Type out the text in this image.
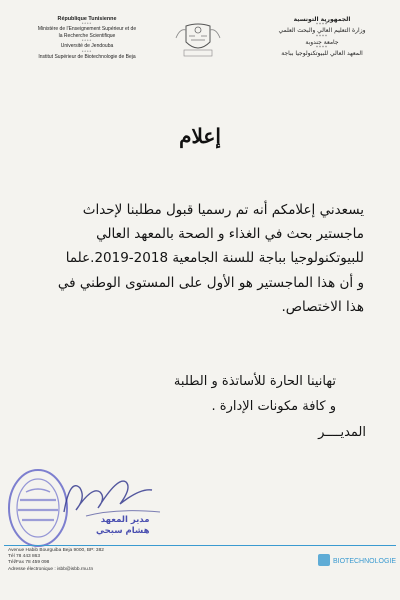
République Tunisienne
****
Ministère de l'Enseignement Supérieur et de
la Recherche Scientifique
****
Université de Jendouba
****
Institut Supérieur de Biotechnologie de Beja
الجمهورية التونسية
****
وزارة التعليم العالي والبحث العلمي
****
جامعة جندوبة
****
المعهد العالي للبيوتكنولوجيا بباجة
إعلام
يسعدني إعلامكم أنه تم رسميا قبول مطلبنا لإحداث
ماجستير بحث في الغذاء و الصحة بالمعهد العالي
للبيوتكنولوجيا بباجة للسنة الجامعية 2018-2019.علما
و أن هذا الماجستير هو الأول على المستوى الوطني في
هذا الاختصاص.
تهانينا الحارة للأساتذة و الطلبة
و كافة مكونات الإدارة .
المديــــر
مدير المعهد
هشام سبحي
Avenue Habib Bourguiba Beja 9000, BP: 382
Tél 78 443 863
Tél/Fax 78 459 098
Adresse électronique : isbb@isbb.rnu.tn
BIOTECHNOLOGIE
